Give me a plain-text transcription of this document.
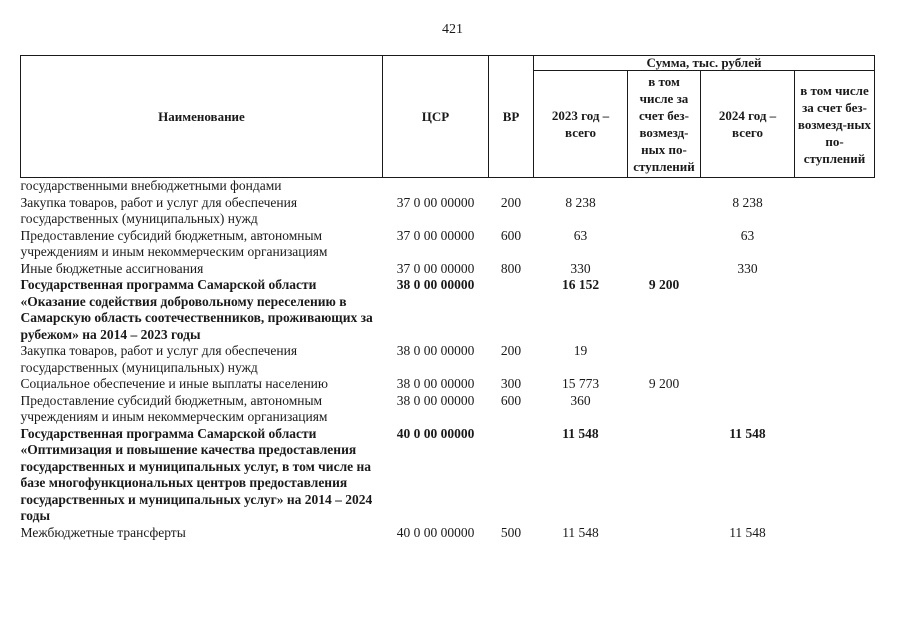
421
Наименование	ЦСР	ВР	Сумма, тыс. рублей			
			2023 год – всего	в том числе за счет без-возмезд-ных по-ступлений	2024 год – всего	в том числе за счет без-возмезд-ных по-ступлений
государственными внебюджетными фондами						
Закупка товаров, работ и услуг для обеспечения государственных (муниципальных) нужд	37 0 00 00000	200	8 238		8 238	
Предоставление субсидий бюджетным, автономным учреждениям и иным некоммерческим организациям	37 0 00 00000	600	63		63	
Иные бюджетные ассигнования	37 0 00 00000	800	330		330	
Государственная программа Самарской области «Оказание содействия добровольному переселению в Самарскую область соотечественников, проживающих за рубежом» на 2014 – 2023 годы	38 0 00 00000		16 152	9 200		
Закупка товаров, работ и услуг для обеспечения государственных (муниципальных) нужд	38 0 00 00000	200	19			
Социальное обеспечение и иные выплаты населению	38 0 00 00000	300	15 773	9 200		
Предоставление субсидий бюджетным, автономным учреждениям и иным некоммерческим организациям	38 0 00 00000	600	360			
Государственная программа Самарской области «Оптимизация и повышение качества предоставления государственных и муниципальных услуг, в том числе на базе многофункциональных центров предоставления государственных и муниципальных услуг» на 2014 – 2024 годы	40 0 00 00000		11 548		11 548	
Межбюджетные трансферты	40 0 00 00000	500	11 548		11 548	
